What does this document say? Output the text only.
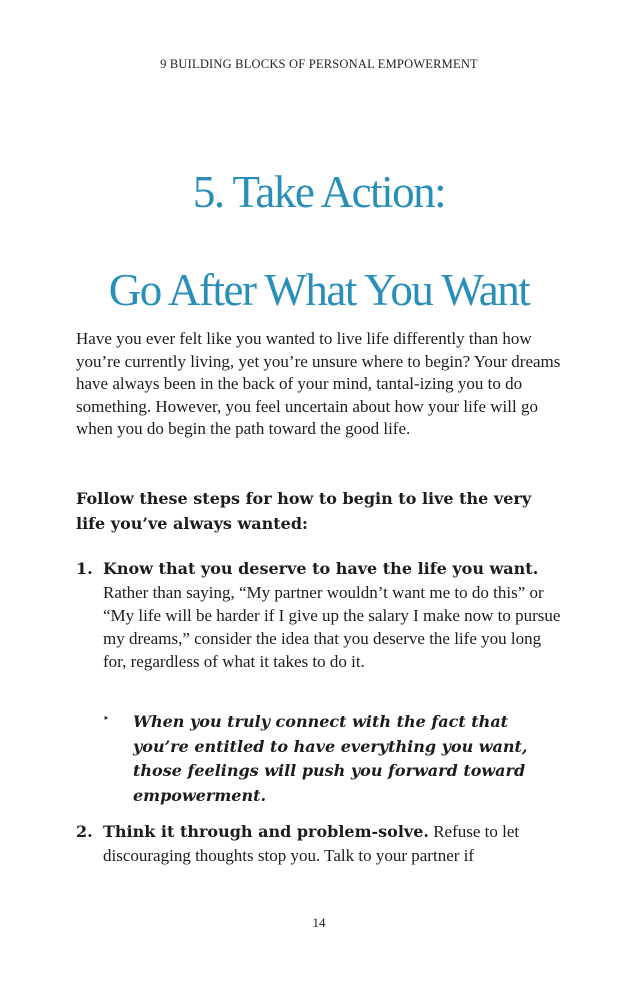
9 BUILDING BLOCKS OF PERSONAL EMPOWERMENT
5. Take Action:
Go After What You Want

Have you ever felt like you wanted to live life differently than how you’re currently living, yet you’re unsure where to begin? Your dreams have always been in the back of your mind, tantal-izing you to do something. However, you feel uncertain about how your life will go when you do begin the path toward the good life.

Follow these steps for how to begin to live the very life you’ve always wanted:

1. Know that you deserve to have the life you want. Rather than saying, “My partner wouldn’t want me to do this” or “My life will be harder if I give up the salary I make now to pursue my dreams,” consider the idea that you deserve the life you long for, regardless of what it takes to do it.
‣ When you truly connect with the fact that you’re entitled to have everything you want, those feelings will push you forward toward empowerment.
2. Think it through and problem-solve. Refuse to let discouraging thoughts stop you. Talk to your partner if
14
